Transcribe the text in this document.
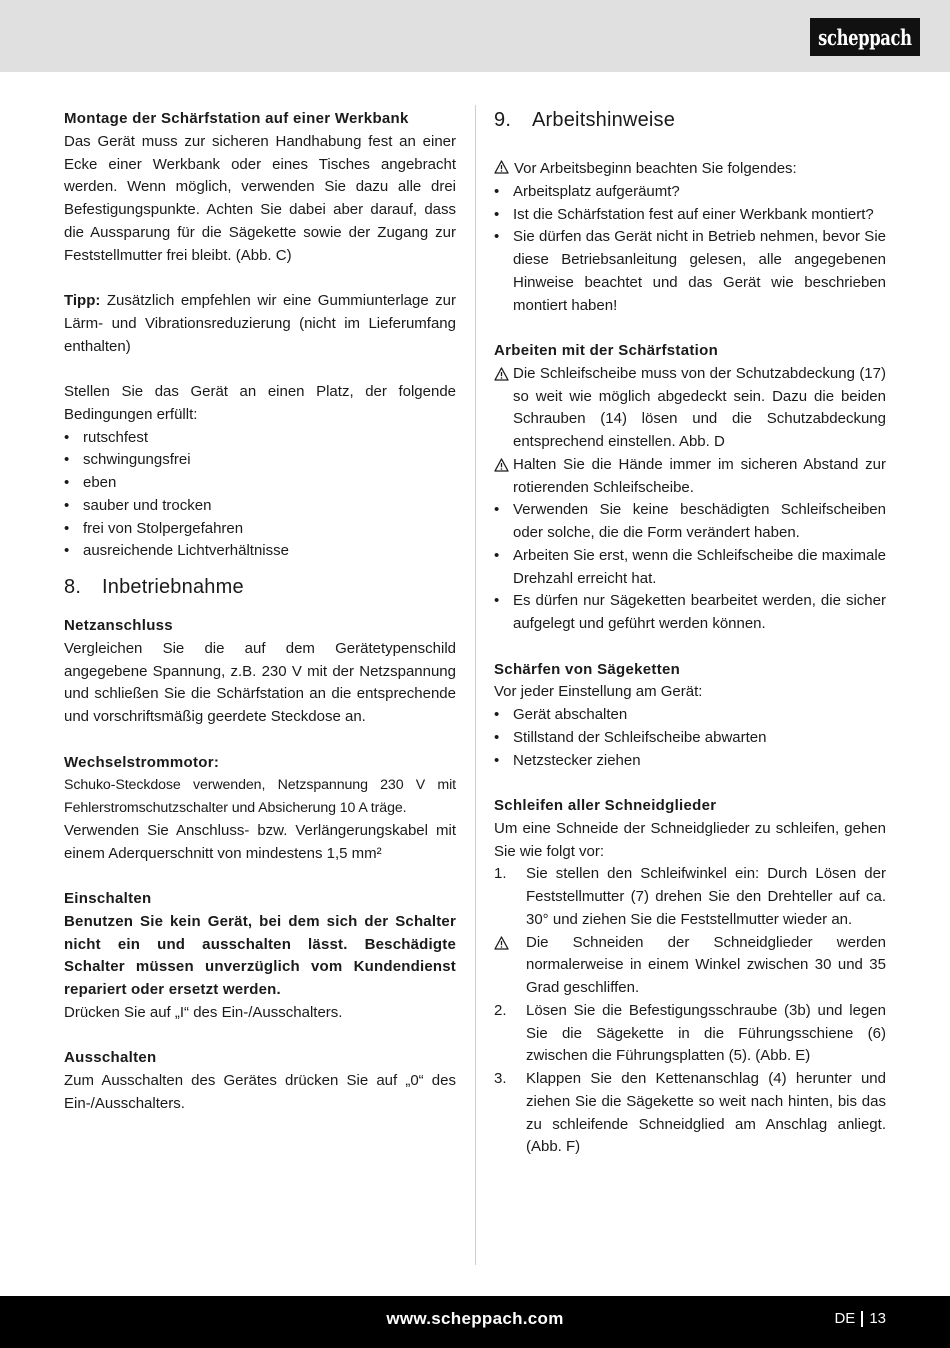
scheppach
Montage der Schärfstation auf einer Werkbank

Das Gerät muss zur sicheren Handhabung fest an einer Ecke einer Werkbank oder eines Tisches angebracht werden. Wenn möglich, verwenden Sie dazu alle drei Befestigungspunkte. Achten Sie dabei aber darauf, dass die Aussparung für die Sägekette sowie der Zugang zur Feststellmutter frei bleibt. (Abb. C)

Tipp: Zusätzlich empfehlen wir eine Gummiunterlage zur Lärm- und Vibrationsreduzierung (nicht im Lieferumfang enthalten)

Stellen Sie das Gerät an einen Platz, der folgende Bedingungen erfüllt:

• rutschfest
• schwingungsfrei
• eben
• sauber und trocken
• frei von Stolpergefahren
• ausreichende Lichtverhältnisse
8.	Inbetriebnahme
Netzanschluss

Vergleichen Sie die auf dem Gerätetypenschild angegebene Spannung, z.B. 230 V mit der Netzspannung und schließen Sie die Schärfstation an die entsprechende und vorschriftsmäßig geerdete Steckdose an.

Wechselstrommotor:

Schuko-Steckdose verwenden, Netzspannung 230 V mit Fehlerstromschutzschalter und Absicherung 10 A träge.

Verwenden Sie Anschluss- bzw. Verlängerungskabel mit einem Aderquerschnitt von mindestens 1,5 mm²

Einschalten

Benutzen Sie kein Gerät, bei dem sich der Schalter nicht ein und ausschalten lässt. Beschädigte Schalter müssen unverzüglich vom Kundendienst repariert oder ersetzt werden.

Drücken Sie auf „I“ des Ein-/Ausschalters.

Ausschalten

Zum Ausschalten des Gerätes drücken Sie auf „0“ des Ein-/Ausschalters.

9.	Arbeitshinweise

Vor Arbeitsbeginn beachten Sie folgendes:

• Arbeitsplatz aufgeräumt?
• Ist die Schärfstation fest auf einer Werkbank montiert?
• Sie dürfen das Gerät nicht in Betrieb nehmen, bevor Sie diese Betriebsanleitung gelesen, alle angegebenen Hinweise beachtet und das Gerät wie beschrieben montiert haben!
Arbeiten mit der Schärfstation
Die Schleifscheibe muss von der Schutzabdeckung (17) so weit wie möglich abgedeckt sein. Dazu die beiden Schrauben (14) lösen und die Schutzabdeckung entsprechend einstellen. Abb. D
Halten Sie die Hände immer im sicheren Abstand zur rotierenden Schleifscheibe.
• Verwenden Sie keine beschädigten Schleifscheiben oder solche, die die Form verändert haben.
• Arbeiten Sie erst, wenn die Schleifscheibe die maximale Drehzahl erreicht hat.
• Es dürfen nur Sägeketten bearbeitet werden, die sicher aufgelegt und geführt werden können.
Schärfen von Sägeketten

Vor jeder Einstellung am Gerät:

• Gerät abschalten
• Stillstand der Schleifscheibe abwarten
• Netzstecker ziehen
Schleifen aller Schneidglieder

Um eine Schneide der Schneidglieder zu schleifen, gehen Sie wie folgt vor:

1.	Sie stellen den Schleifwinkel ein: Durch Lösen der Feststellmutter (7) drehen Sie den Drehteller auf ca. 30° und ziehen Sie die Feststellmutter wieder an.
Die Schneiden der Schneidglieder werden normalerweise in einem Winkel zwischen 30 und 35 Grad geschliffen.
2.	Lösen Sie die Befestigungsschraube (3b) und legen Sie die Sägekette in die Führungsschiene (6) zwischen die Führungsplatten (5). (Abb. E)
3.	Klappen Sie den Kettenanschlag (4) herunter und ziehen Sie die Sägekette so weit nach hinten, bis das zu schleifende Schneidglied am Anschlag anliegt. (Abb. F)
www.scheppach.com	DE 13
